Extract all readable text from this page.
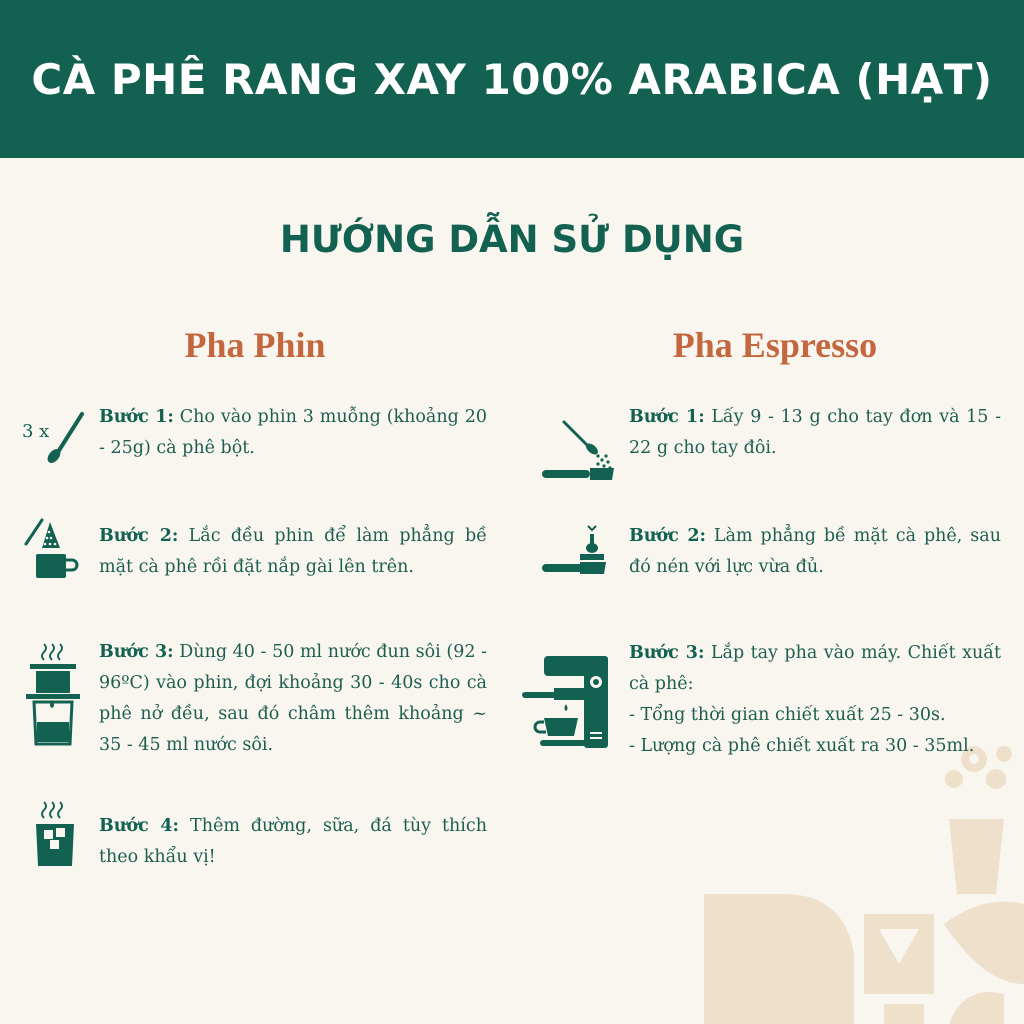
CÀ PHÊ RANG XAY 100% ARABICA (HẠT)
HƯỚNG DẪN SỬ DỤNG
Pha Phin	Pha Espresso
3 x

Bước 1: Cho vào phin 3 muỗng (khoảng 20 - 25g) cà phê bột.

Bước 2: Lắc đều phin để làm phẳng bề mặt cà phê rồi đặt nắp gài lên trên.

Bước 3: Dùng 40 - 50 ml nước đun sôi (92 - 96ºC) vào phin, đợi khoảng 30 - 40s cho cà phê nở đều, sau đó châm thêm khoảng ~ 35 - 45 ml nước sôi.

Bước 4: Thêm đường, sữa, đá tùy thích theo khẩu vị!

Bước 1: Lấy 9 - 13 g cho tay đơn và 15 - 22 g cho tay đôi.

Bước 2: Làm phẳng bề mặt cà phê, sau đó nén với lực vừa đủ.

Bước 3: Lắp tay pha vào máy. Chiết xuất cà phê:
- Tổng thời gian chiết xuất 25 - 30s.
- Lượng cà phê chiết xuất ra 30 - 35ml.
